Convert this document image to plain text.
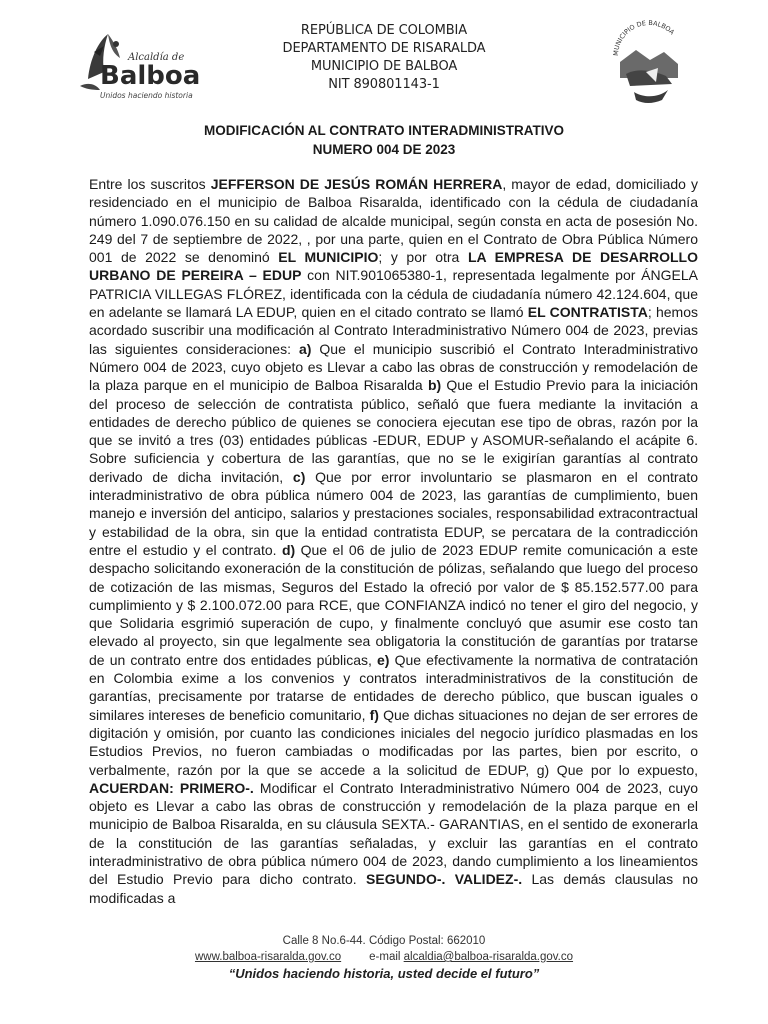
Alcaldía de
Balboa
Unidos haciendo historia
REPÚBLICA DE COLOMBIA
DEPARTAMENTO DE RISARALDA
MUNICIPIO DE BALBOA
NIT 890801143-1
MUNICIPIO DE BALBOA
MODIFICACIÓN AL CONTRATO INTERADMINISTRATIVO
NUMERO 004 DE 2023

Entre los suscritos JEFFERSON DE JESÚS ROMÁN HERRERA, mayor de edad, domiciliado y residenciado en el municipio de Balboa Risaralda, identificado con la cédula de ciudadanía número 1.090.076.150 en su calidad de alcalde municipal, según consta en acta de posesión No. 249 del 7 de septiembre de 2022, , por una parte, quien en el Contrato de Obra Pública Número 001 de 2022 se denominó EL MUNICIPIO; y por otra LA EMPRESA DE DESARROLLO URBANO DE PEREIRA – EDUP con NIT.901065380-1, representada legalmente por ÁNGELA PATRICIA VILLEGAS FLÓREZ, identificada con la cédula de ciudadanía número 42.124.604, que en adelante se llamará LA EDUP, quien en el citado contrato se llamó EL CONTRATISTA; hemos acordado suscribir una modificación al Contrato Interadministrativo Número 004 de 2023, previas las siguientes consideraciones: a) Que el municipio suscribió el Contrato Interadministrativo Número 004 de 2023, cuyo objeto es Llevar a cabo las obras de construcción y remodelación de la plaza parque en el municipio de Balboa Risaralda b) Que el Estudio Previo para la iniciación del proceso de selección de contratista público, señaló que fuera mediante la invitación a entidades de derecho público de quienes se conociera ejecutan ese tipo de obras, razón por la que se invitó a tres (03) entidades públicas -EDUR, EDUP y ASOMUR-señalando el acápite 6. Sobre suficiencia y cobertura de las garantías, que no se le exigirían garantías al contrato derivado de dicha invitación, c) Que por error involuntario se plasmaron en el contrato interadministrativo de obra pública número 004 de 2023, las garantías de cumplimiento, buen manejo e inversión del anticipo, salarios y prestaciones sociales, responsabilidad extracontractual y estabilidad de la obra, sin que la entidad contratista EDUP, se percatara de la contradicción entre el estudio y el contrato. d) Que el 06 de julio de 2023 EDUP remite comunicación a este despacho solicitando exoneración de la constitución de pólizas, señalando que luego del proceso de cotización de las mismas, Seguros del Estado la ofreció por valor de $ 85.152.577.00 para cumplimiento y $ 2.100.072.00 para RCE, que CONFIANZA indicó no tener el giro del negocio, y que Solidaria esgrimió superación de cupo, y finalmente concluyó que asumir ese costo tan elevado al proyecto, sin que legalmente sea obligatoria la constitución de garantías por tratarse de un contrato entre dos entidades públicas, e) Que efectivamente la normativa de contratación en Colombia exime a los convenios y contratos interadministrativos de la constitución de garantías, precisamente por tratarse de entidades de derecho público, que buscan iguales o similares intereses de beneficio comunitario, f) Que dichas situaciones no dejan de ser errores de digitación y omisión, por cuanto las condiciones iniciales del negocio jurídico plasmadas en los Estudios Previos, no fueron cambiadas o modificadas por las partes, bien por escrito, o verbalmente, razón por la que se accede a la solicitud de EDUP, g) Que por lo expuesto, ACUERDAN: PRIMERO-. Modificar el Contrato Interadministrativo Número 004 de 2023, cuyo objeto es Llevar a cabo las obras de construcción y remodelación de la plaza parque en el municipio de Balboa Risaralda, en su cláusula SEXTA.- GARANTIAS, en el sentido de exonerarla de la constitución de las garantías señaladas, y excluir las garantías en el contrato interadministrativo de obra pública número 004 de 2023, dando cumplimiento a los lineamientos del Estudio Previo para dicho contrato. SEGUNDO-. VALIDEZ-. Las demás clausulas no modificadas a

Calle 8 No.6-44. Código Postal: 662010
www.balboa-risaralda.gov.co e-mail alcaldia@balboa-risaralda.gov.co
“Unidos haciendo historia, usted decide el futuro”
